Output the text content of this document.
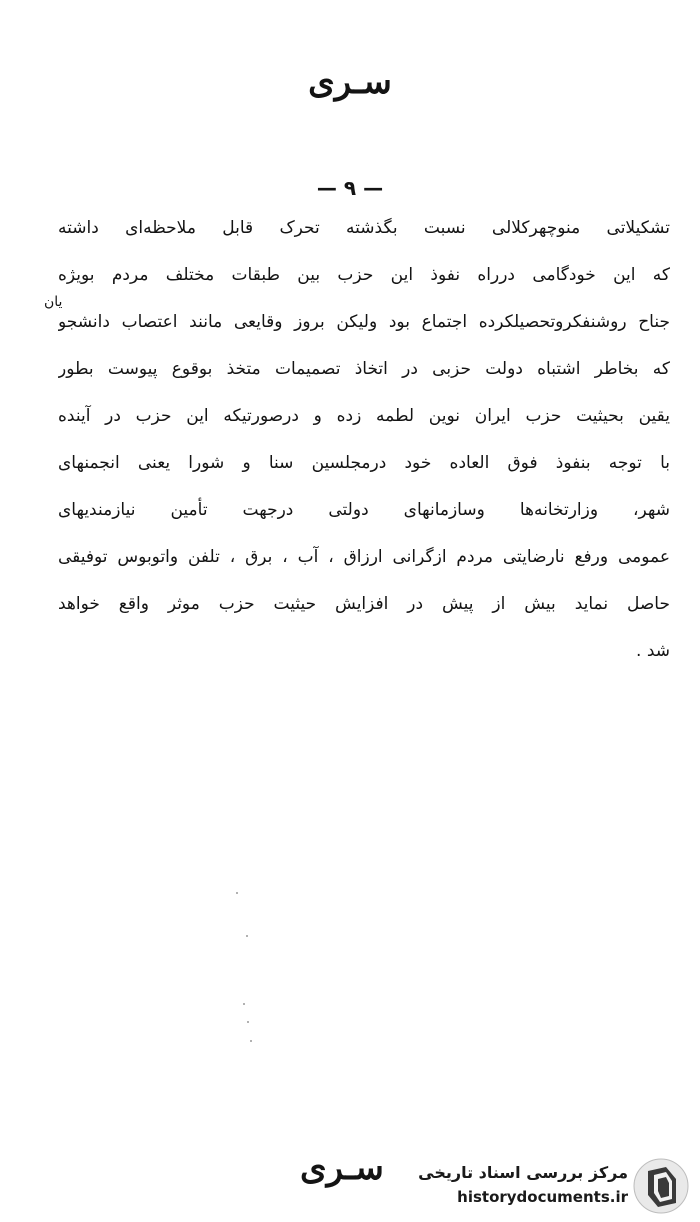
سـری
— ۹ —
یان
تشکیلاتی منوچهرکلالی نسبت بگذشته تحرک قابل ملاحظه‌ای داشته
که این خودگامی درراه نفوذ این حزب بین طبقات مختلف مردم بویژه
جناح روشنفکروتحصیلکرده اجتماع بود ولیکن بروز وقایعی مانند اعتصاب دانشجو
که بخاطر اشتباه دولت حزبی در اتخاذ تصمیمات متخذ بوقوع پیوست بطور
یقین بحیثیت حزب ایران نوین لطمه زده و درصورتیکه این حزب در آینده
با توجه بنفوذ فوق العاده خود درمجلسین سنا و شورا یعنی انجمنهای
شهر، وزارتخانه‌ها وسازمانهای دولتی درجهت تأمین نیازمندیهای
عمومی ورفع نارضایتی مردم ازگرانی ارزاق ، آب ، برق ، تلفن واتوبوس توفیقی
حاصل نماید بیش از پیش در افزایش حیثیت حزب موثر واقع خواهد
شد .
سـری مرکز بررسی اسناد تاریخی
historydocuments.ir
